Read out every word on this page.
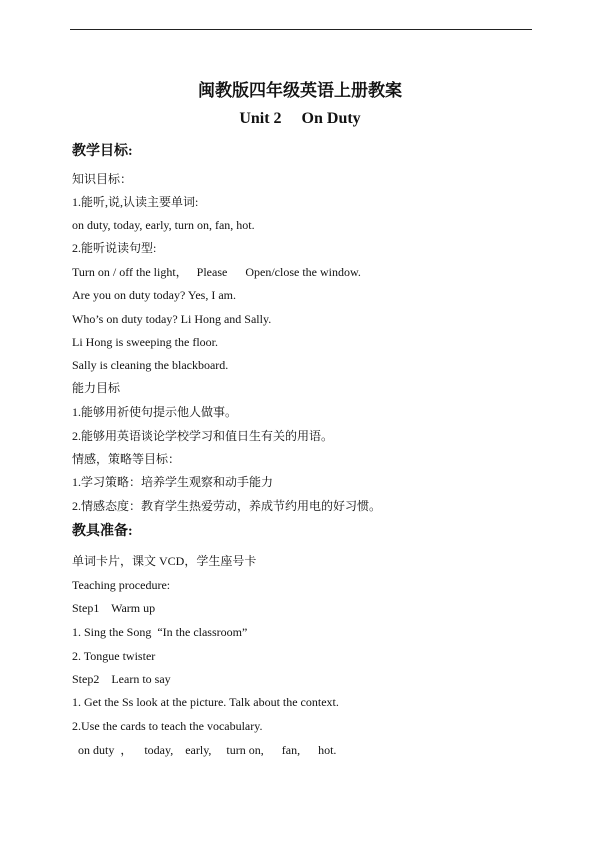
闽教版四年级英语上册教案
Unit 2 On Duty
教学目标:
知识目标：
1.能听,说,认读主要单词:
on duty, today, early, turn on, fan, hot.
2.能听说读句型:
Turn on / off the light，   Please      Open/close the window.
Are you on duty today? Yes, I am.
Who’s on duty today? Li Hong and Sally.
Li Hong is sweeping the floor.
Sally is cleaning the blackboard.
能力目标
1.能够用祈使句提示他人做事。
2.能够用英语谈论学校学习和值日生有关的用语。
情感，策略等目标：
1.学习策略：培养学生观察和动手能力
2.情感态度：教育学生热爱劳动，养成节约用电的好习惯。
教具准备:
单词卡片，课文 VCD，学生座号卡
Teaching procedure:
Step1    Warm up
1. Sing the Song  “In the classroom”
2. Tongue twister
Step2    Learn to say
1. Get the Ss look at the picture. Talk about the context.
2.Use the cards to teach the vocabulary.
on duty  ，    today,    early,     turn on,      fan,      hot.
